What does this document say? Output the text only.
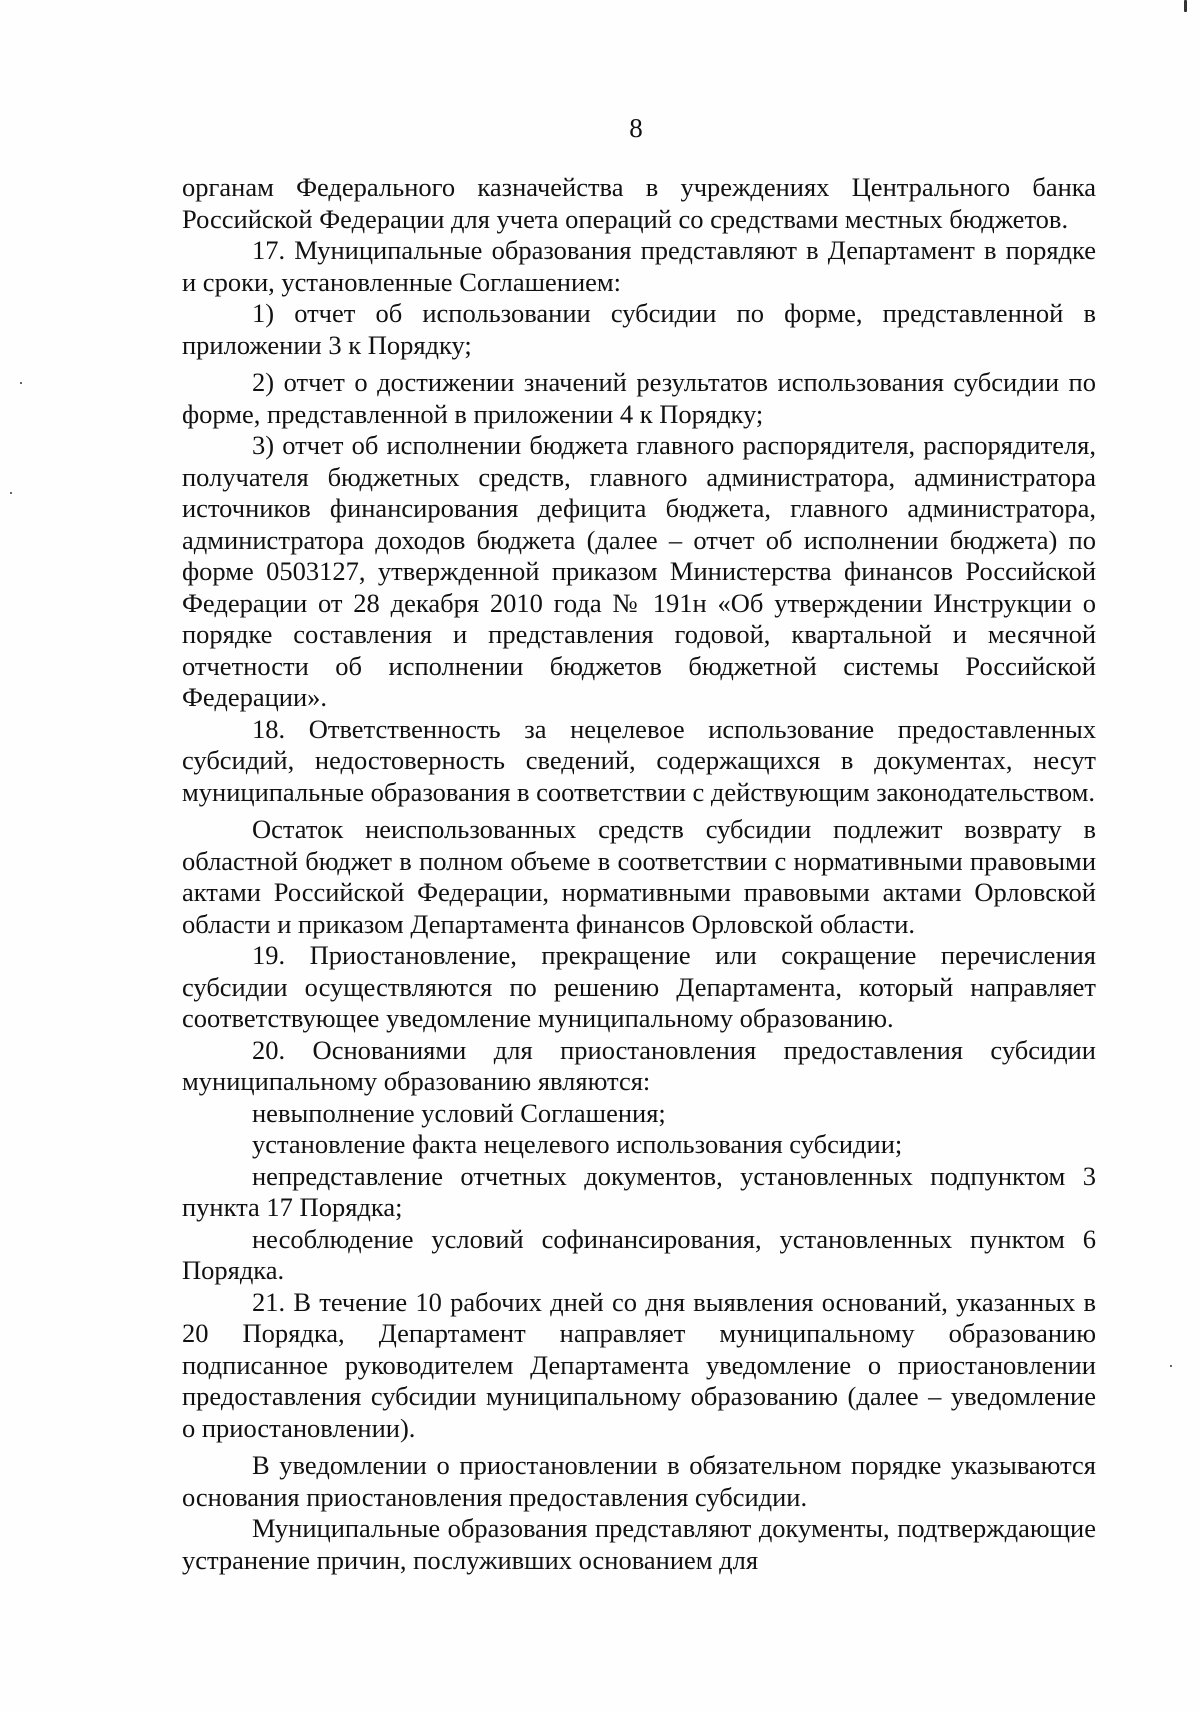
8

органам Федерального казначейства в учреждениях Центрального банка Российской Федерации для учета операций со средствами местных бюджетов.

17. Муниципальные образования представляют в Департамент в порядке и сроки, установленные Соглашением:

1) отчет об использовании субсидии по форме, представленной в приложении 3 к Порядку;

2) отчет о достижении значений результатов использования субсидии по форме, представленной в приложении 4 к Порядку;

3) отчет об исполнении бюджета главного распорядителя, распорядителя, получателя бюджетных средств, главного администратора, администратора источников финансирования дефицита бюджета, главного администратора, администратора доходов бюджета (далее – отчет об исполнении бюджета) по форме 0503127, утвержденной приказом Министерства финансов Российской Федерации от 28 декабря 2010 года № 191н «Об утверждении Инструкции о порядке составления и представления годовой, квартальной и месячной отчетности об исполнении бюджетов бюджетной системы Российской Федерации».

18. Ответственность за нецелевое использование предоставленных субсидий, недостоверность сведений, содержащихся в документах, несут муниципальные образования в соответствии с действующим законодательством.

Остаток неиспользованных средств субсидии подлежит возврату в областной бюджет в полном объеме в соответствии с нормативными правовыми актами Российской Федерации, нормативными правовыми актами Орловской области и приказом Департамента финансов Орловской области.

19. Приостановление, прекращение или сокращение перечисления субсидии осуществляются по решению Департамента, который направляет соответствующее уведомление муниципальному образованию.

20. Основаниями для приостановления предоставления субсидии муниципальному образованию являются:

невыполнение условий Соглашения;

установление факта нецелевого использования субсидии;

непредставление отчетных документов, установленных подпунктом 3 пункта 17 Порядка;

несоблюдение условий софинансирования, установленных пунктом 6 Порядка.

21. В течение 10 рабочих дней со дня выявления оснований, указанных в 20 Порядка, Департамент направляет муниципальному образованию подписанное руководителем Департамента уведомление о приостановлении предоставления субсидии муниципальному образованию (далее – уведомление о приостановлении).

В уведомлении о приостановлении в обязательном порядке указываются основания приостановления предоставления субсидии.

Муниципальные образования представляют документы, подтверждающие устранение причин, послуживших основанием для
